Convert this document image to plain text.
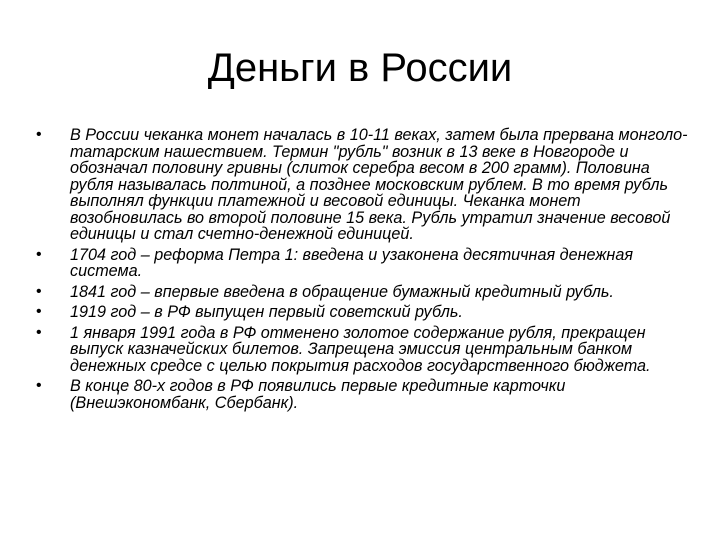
Деньги в России
• В России чеканка монет началась в 10-11 веках, затем была прервана монголо-татарским нашествием. Термин "рубль" возник в 13 веке в Новгороде и обозначал половину гривны (слиток серебра весом в 200 грамм). Половина рубля называлась полтиной, а позднее московским рублем. В то время рубль выполнял функции платежной и весовой единицы. Чеканка монет возобновилась во второй половине 15 века. Рубль утратил значение весовой единицы и стал счетно-денежной единицей.
• 1704 год – реформа Петра 1: введена и узаконена десятичная денежная система.
• 1841 год – впервые введена в обращение бумажный кредитный рубль.
• 1919 год – в РФ выпущен первый советский рубль.
• 1 января 1991 года в РФ отменено золотое содержание рубля, прекращен выпуск казначейских билетов. Запрещена эмиссия центральным банком денежных средсе с целью покрытия расходов государственного бюджета.
• В конце 80-х годов в РФ появились первые кредитные карточки (Внешэкономбанк, Сбербанк).
